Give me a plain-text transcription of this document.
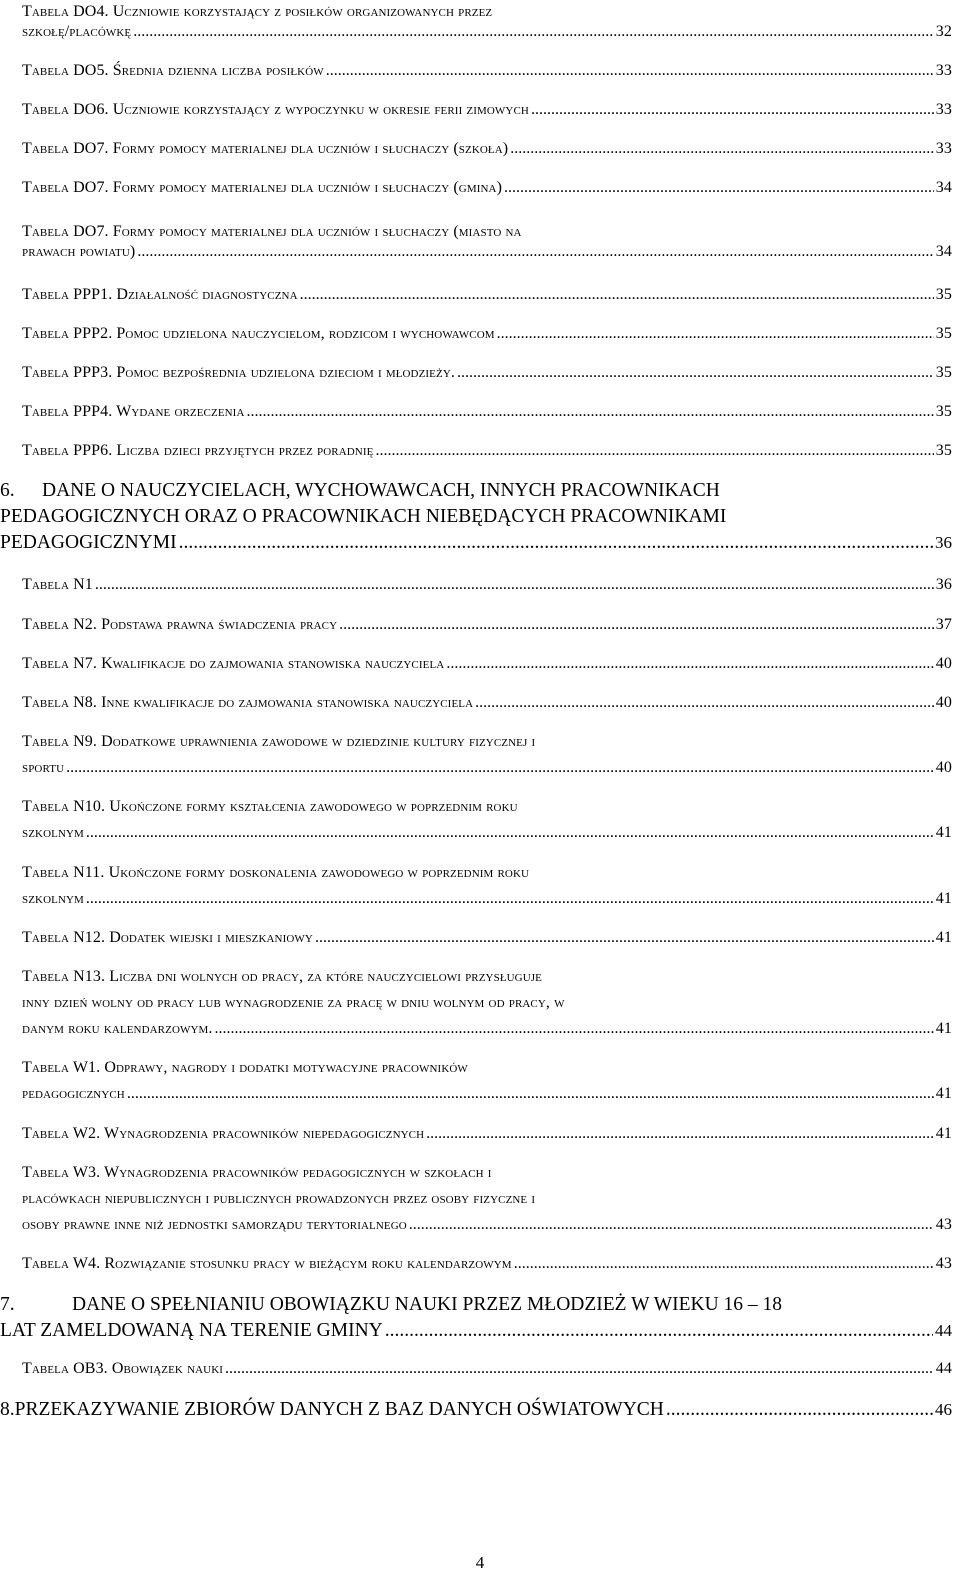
Tabela DO4. Uczniowie korzystający z posiłków organizowanych przez
szkołę/placówkę .....	32
Tabela DO5. Średnia dzienna liczba posiłków .....	33
Tabela DO6. Uczniowie korzystający z wypoczynku w okresie ferii zimowych .....	33
Tabela DO7. Formy pomocy materialnej dla uczniów i słuchaczy (szkoła) .....	33
Tabela DO7. Formy pomocy materialnej dla uczniów i słuchaczy (gmina) .....	34
Tabela DO7. Formy pomocy materialnej dla uczniów i słuchaczy (miasto na
prawach powiatu) .....	34
Tabela PPP1. Działalność diagnostyczna .....	35
Tabela PPP2. Pomoc udzielona nauczycielom, rodzicom i wychowawcom .....	35
Tabela PPP3. Pomoc bezpośrednia udzielona dzieciom i młodzieży. .....	35
Tabela PPP4. Wydane orzeczenia .....	35
Tabela PPP6. Liczba dzieci przyjętych przez poradnię .....	35
6.	DANE O NAUCZYCIELACH, WYCHOWAWCACH, INNYCH PRACOWNIKACH
PEDAGOGICZNYCH ORAZ O PRACOWNIKACH NIEBĘDĄCYCH PRACOWNIKAMI
PEDAGOGICZNYMI .....	36
Tabela N1 .....	36
Tabela N2. Podstawa prawna świadczenia pracy .....	37
Tabela N7. Kwalifikacje do zajmowania stanowiska nauczyciela .....	40
Tabela N8. Inne kwalifikacje do zajmowania stanowiska nauczyciela .....	40
Tabela N9. Dodatkowe uprawnienia zawodowe w dziedzinie kultury fizycznej i
sportu .....	40
Tabela N10. Ukończone formy kształcenia zawodowego w poprzednim roku
szkolnym .....	41
Tabela N11. Ukończone formy doskonalenia zawodowego w poprzednim roku
szkolnym .....	41
Tabela N12. Dodatek wiejski i mieszkaniowy .....	41
Tabela N13. Liczba dni wolnych od pracy, za które nauczycielowi przysługuje
inny dzień wolny od pracy lub wynagrodzenie za pracę w dniu wolnym od pracy, w
danym roku kalendarzowym. .....	41
Tabela W1. Odprawy, nagrody i dodatki motywacyjne pracowników
pedagogicznych .....	41
Tabela W2. Wynagrodzenia pracowników niepedagogicznych .....	41
Tabela W3. Wynagrodzenia pracowników pedagogicznych w szkołach i
placówkach niepublicznych i publicznych prowadzonych przez osoby fizyczne i
osoby prawne inne niż jednostki samorządu terytorialnego .....	43
Tabela W4. Rozwiązanie stosunku pracy w bieżącym roku kalendarzowym .....	43
7.	DANE O SPEŁNIANIU OBOWIĄZKU NAUKI PRZEZ MŁODZIEŻ W WIEKU 16 – 18
LAT ZAMELDOWANĄ NA TERENIE GMINY .....	44
Tabela OB3. Obowiązek nauki .....	44
8. PRZEKAZYWANIE ZBIORÓW DANYCH Z BAZ DANYCH OŚWIATOWYCH .....	46
4
